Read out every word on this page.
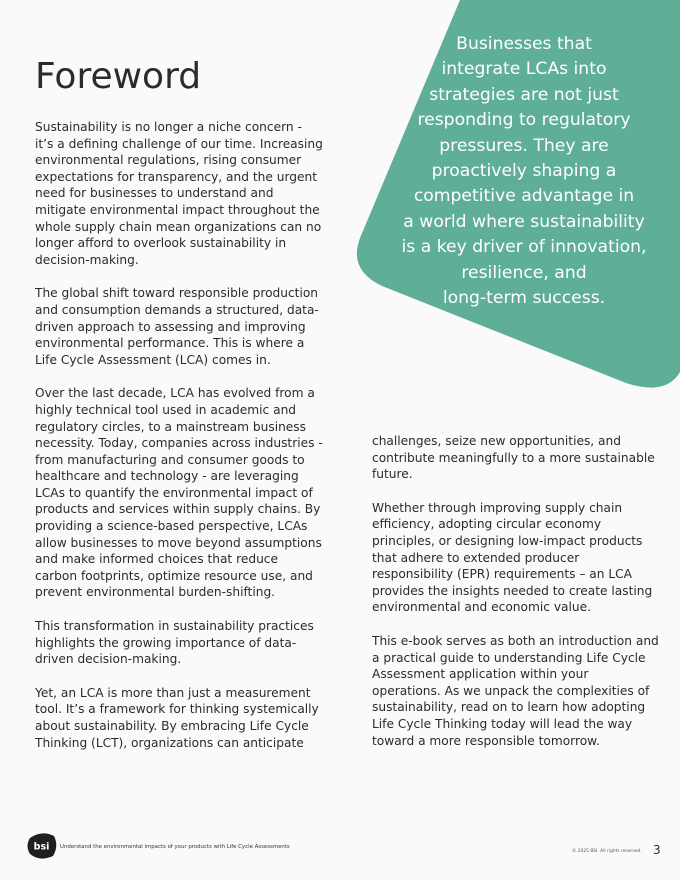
Businesses that
integrate LCAs into
strategies are not just
responding to regulatory
pressures. They are
proactively shaping a
competitive advantage in
a world where sustainability
is a key driver of innovation,
resilience, and
long-term success.
Foreword
Sustainability is no longer a niche concern -
it’s a defining challenge of our time. Increasing
environmental regulations, rising consumer
expectations for transparency, and the urgent
need for businesses to understand and
mitigate environmental impact throughout the
whole supply chain mean organizations can no
longer afford to overlook sustainability in
decision-making.
The global shift toward responsible production
and consumption demands a structured, data-
driven approach to assessing and improving
environmental performance. This is where a
Life Cycle Assessment (LCA) comes in.
Over the last decade, LCA has evolved from a
highly technical tool used in academic and
regulatory circles, to a mainstream business
necessity. Today, companies across industries -
from manufacturing and consumer goods to
healthcare and technology - are leveraging
LCAs to quantify the environmental impact of
products and services within supply chains. By
providing a science-based perspective, LCAs
allow businesses to move beyond assumptions
and make informed choices that reduce
carbon footprints, optimize resource use, and
prevent environmental burden-shifting.
This transformation in sustainability practices
highlights the growing importance of data-
driven decision-making.
Yet, an LCA is more than just a measurement
tool. It’s a framework for thinking systemically
about sustainability. By embracing Life Cycle
Thinking (LCT), organizations can anticipate
challenges, seize new opportunities, and
contribute meaningfully to a more sustainable
future.
Whether through improving supply chain
efficiency, adopting circular economy
principles, or designing low-impact products
that adhere to extended producer
responsibility (EPR) requirements – an LCA
provides the insights needed to create lasting
environmental and economic value.
This e-book serves as both an introduction and
a practical guide to understanding Life Cycle
Assessment application within your
operations. As we unpack the complexities of
sustainability, read on to learn how adopting
Life Cycle Thinking today will lead the way
toward a more responsible tomorrow.
bsi Understand the environmental impacts of your products with Life Cycle Assessments
© 2025 BSI. All rights reserved. 3
